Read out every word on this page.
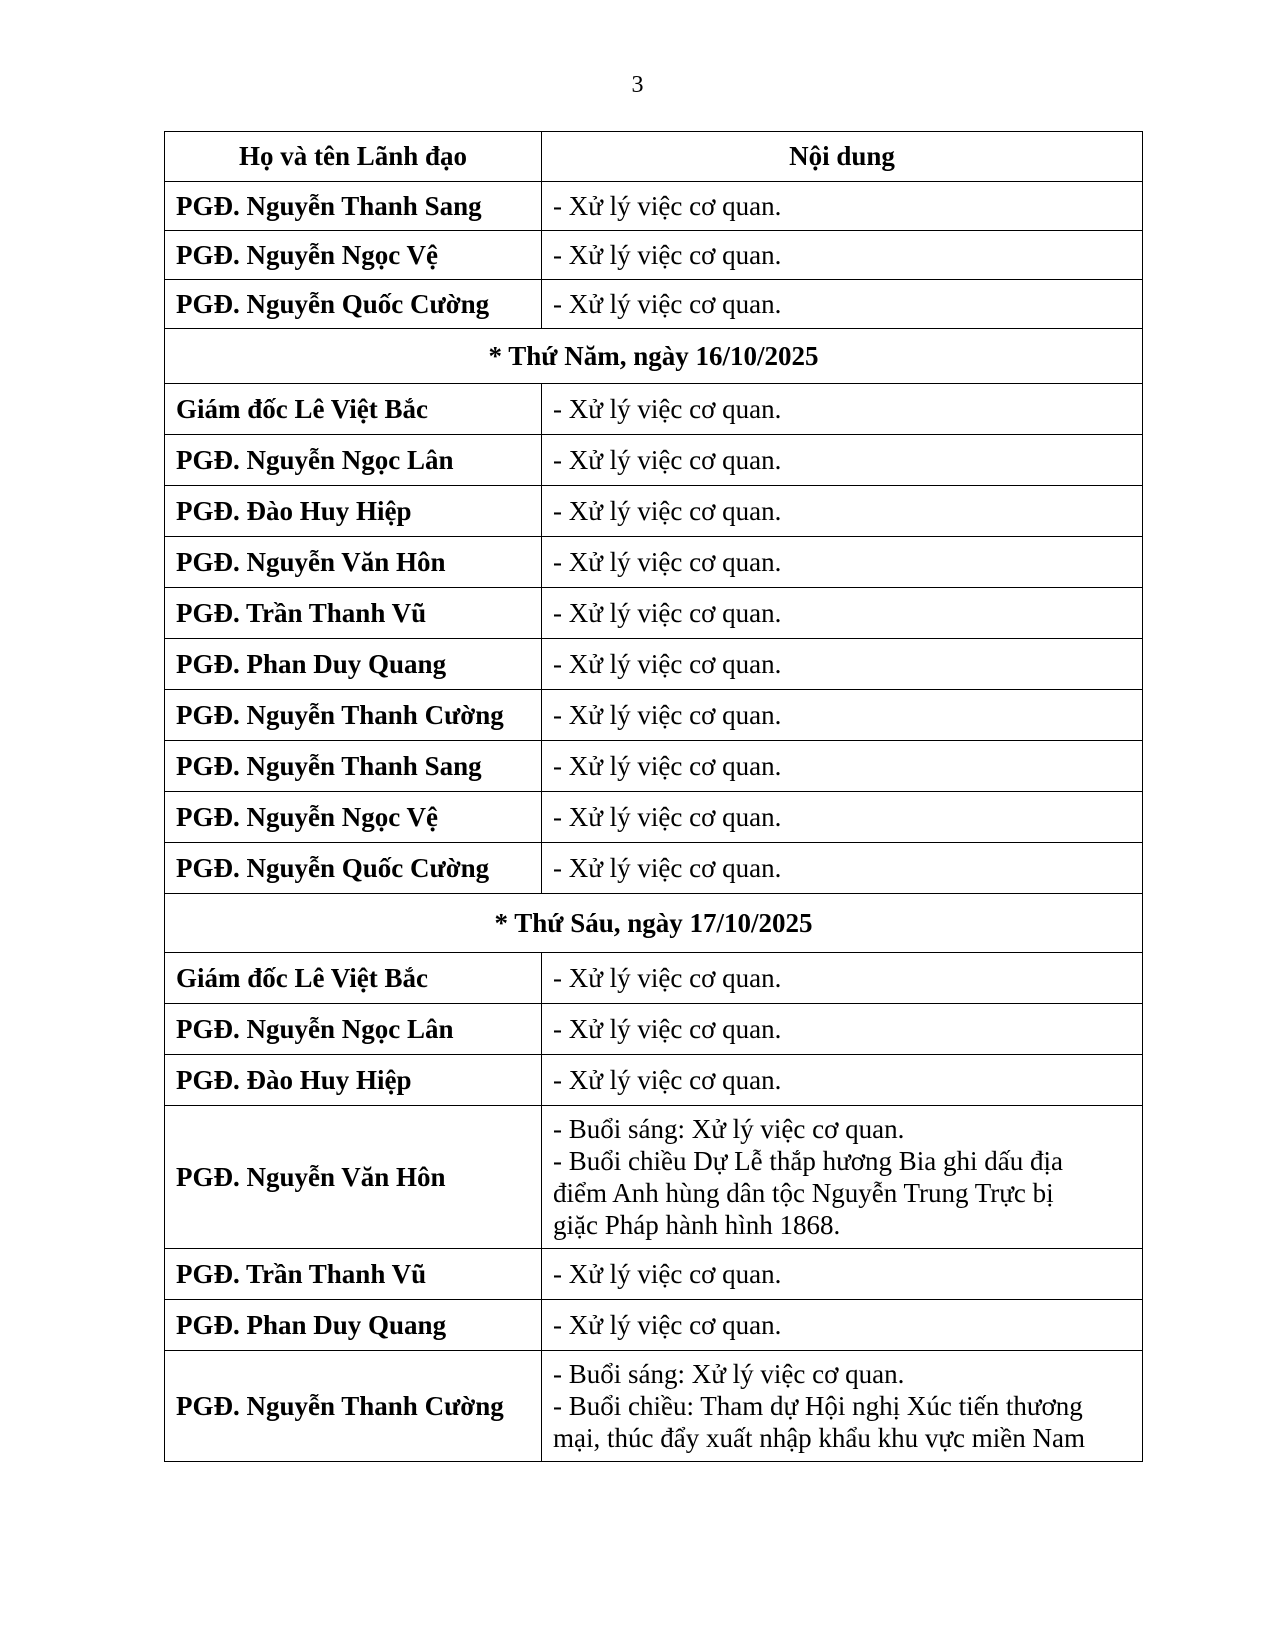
3
Họ và tên Lãnh đạo	Nội dung
PGĐ. Nguyễn Thanh Sang	- Xử lý việc cơ quan.
PGĐ. Nguyễn Ngọc Vệ	- Xử lý việc cơ quan.
PGĐ. Nguyễn Quốc Cường	- Xử lý việc cơ quan.
* Thứ Năm, ngày 16/10/2025	
Giám đốc Lê Việt Bắc	- Xử lý việc cơ quan.
PGĐ. Nguyễn Ngọc Lân	- Xử lý việc cơ quan.
PGĐ. Đào Huy Hiệp	- Xử lý việc cơ quan.
PGĐ. Nguyễn Văn Hôn	- Xử lý việc cơ quan.
PGĐ. Trần Thanh Vũ	- Xử lý việc cơ quan.
PGĐ. Phan Duy Quang	- Xử lý việc cơ quan.
PGĐ. Nguyễn Thanh Cường	- Xử lý việc cơ quan.
PGĐ. Nguyễn Thanh Sang	- Xử lý việc cơ quan.
PGĐ. Nguyễn Ngọc Vệ	- Xử lý việc cơ quan.
PGĐ. Nguyễn Quốc Cường	- Xử lý việc cơ quan.
* Thứ Sáu, ngày 17/10/2025	
Giám đốc Lê Việt Bắc	- Xử lý việc cơ quan.
PGĐ. Nguyễn Ngọc Lân	- Xử lý việc cơ quan.
PGĐ. Đào Huy Hiệp	- Xử lý việc cơ quan.
PGĐ. Nguyễn Văn Hôn	- Buổi sáng: Xử lý việc cơ quan.
- Buổi chiều Dự Lễ thắp hương Bia ghi dấu địa
điểm Anh hùng dân tộc Nguyễn Trung Trực bị
giặc Pháp hành hình 1868.

PGĐ. Trần Thanh Vũ	- Xử lý việc cơ quan.
PGĐ. Phan Duy Quang	- Xử lý việc cơ quan.
PGĐ. Nguyễn Thanh Cường	- Buổi sáng: Xử lý việc cơ quan.
- Buổi chiều: Tham dự Hội nghị Xúc tiến thương
mại, thúc đẩy xuất nhập khẩu khu vực miền Nam
